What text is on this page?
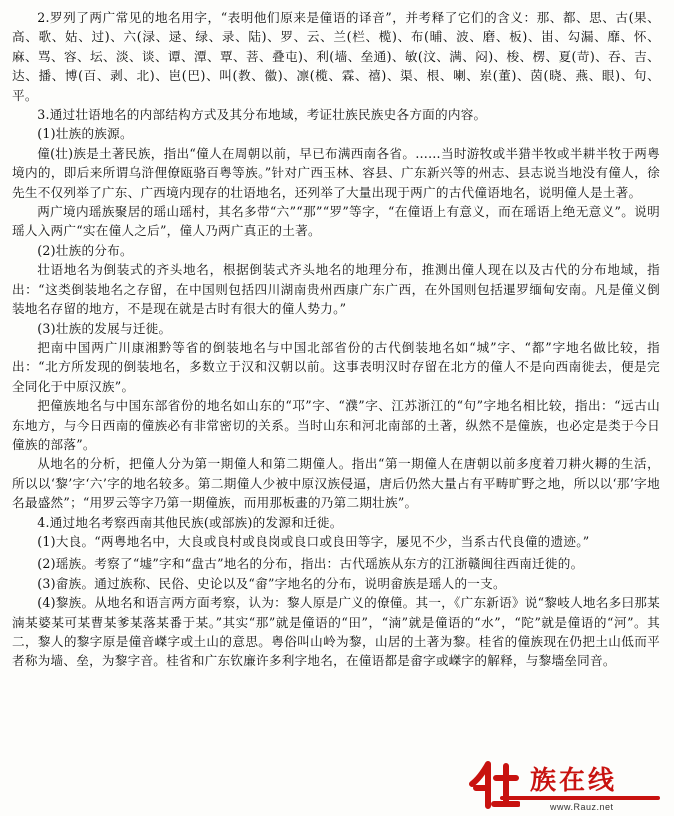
2.罗列了两广常见的地名用字，“表明他们原来是僮语的译音”，并考释了它们的含义：那、都、思、古(果、高、歌、姑、过)、六(渌、逯、绿、录、陆)、罗、云、兰(栏、榄)、布(晡、波、磨、板)、峀、勾漏、靡、怀、麻、骂、容、坛、淡、谈、谭、潭、覃、菩、叠屯)、利(墙、垒通)、敏(汶、满、闷)、梭、楞、夏(苛)、吞、吉、达、播、博(百、剥、北)、岜(巴)、叫(教、徽)、凛(榄、霖、禧)、渠、根、喇、岽(董)、茵(晓、燕、眼)、句、平。

3.通过壮语地名的内部结构方式及其分布地域，考证壮族民族史各方面的内容。

(1)壮族的族源。

僮(壮)族是土著民族，指出“僮人在周朝以前，早已布满西南各省。……当时游牧或半猎半牧或半耕半牧于两粤境内的，即后来所谓乌浒俚僚瓯骆百粤等族。”针对广西玉林、容县、广东新兴等的州志、县志说当地没有僮人，徐先生不仅列举了广东、广西境内现存的壮语地名，还列举了大量出现于两广的古代僮语地名，说明僮人是土著。

两广境内瑶族聚居的瑶山瑶村，其名多带“六”“那”“罗”等字，“在僮语上有意义，而在瑶语上绝无意义”。说明瑶人入两广“实在僮人之后”，僮人乃两广真正的土著。

(2)壮族的分布。

壮语地名为倒装式的齐头地名，根据倒装式齐头地名的地理分布，推测出僮人现在以及古代的分布地域，指出：“这类倒装地名之存留，在中国则包括四川湖南贵州西康广东广西，在外国则包括暹罗缅甸安南。凡是僮义倒装地名存留的地方，不是现在就是古时有很大的僮人势力。”

(3)壮族的发展与迁徙。

把南中国两广川康湘黔等省的倒装地名与中国北部省份的古代倒装地名如“城”字、“都”字地名做比较，指出：“北方所发现的倒装地名，多数立于汉和汉朝以前。这事表明汉时存留在北方的僮人不是向西南徙去，便是完全同化于中原汉族”。

把僮族地名与中国东部省份的地名如山东的“邛”字、“濮”字、江苏浙江的“句”字地名相比较，指出：“远古山东地方，与今日西南的僮族必有非常密切的关系。当时山东和河北南部的土著，纵然不是僮族，也必定是类于今日僮族的部落”。

从地名的分析，把僮人分为第一期僮人和第二期僮人。指出“第一期僮人在唐朝以前多度着刀耕火耨的生活，所以以‘黎’字‘六’字的地名较多。第二期僮人少被中原汉族侵逼，唐后仍然大量占有平畴旷野之地，所以以‘那’字地名最盛然”；“用罗云等字乃第一期僮族，而用那板畫的乃第二期壮族”。

4.通过地名考察西南其他民族(或部族)的发源和迁徙。

(1)大良。“两粤地名中，大良或良村或良岗或良口或良田等字，屡见不少，当系古代良僮的遗迹。”

(2)瑶族。考察了“墟”字和“盘古”地名的分布，指出：古代瑶族从东方的江浙赣闽往西南迁徙的。

(3)畲族。通过族称、民俗、史论以及“畲”字地名的分布，说明畲族是瑶人的一支。

(4)黎族。从地名和语言两方面考察，认为：黎人原是广义的僚僮。其一，《广东新语》说“黎岐人地名多曰那某湳某婆某可某曹某爹某落某番于某。”其实“那”就是僮语的“田”，“湳”就是僮语的“水”，“陀”就是僮语的“河”。其二，黎人的黎字原是僮音嵥字或土山的意思。粤俗叫山岭为黎，山居的土著为黎。桂省的僮族现在仍把土山低而平者称为墙、垒，为黎字音。桂省和广东钦廉许多利字地名，在僮语都是畲字或嵥字的解释，与黎墻垒同音。

族在线
www.Rauz.net
